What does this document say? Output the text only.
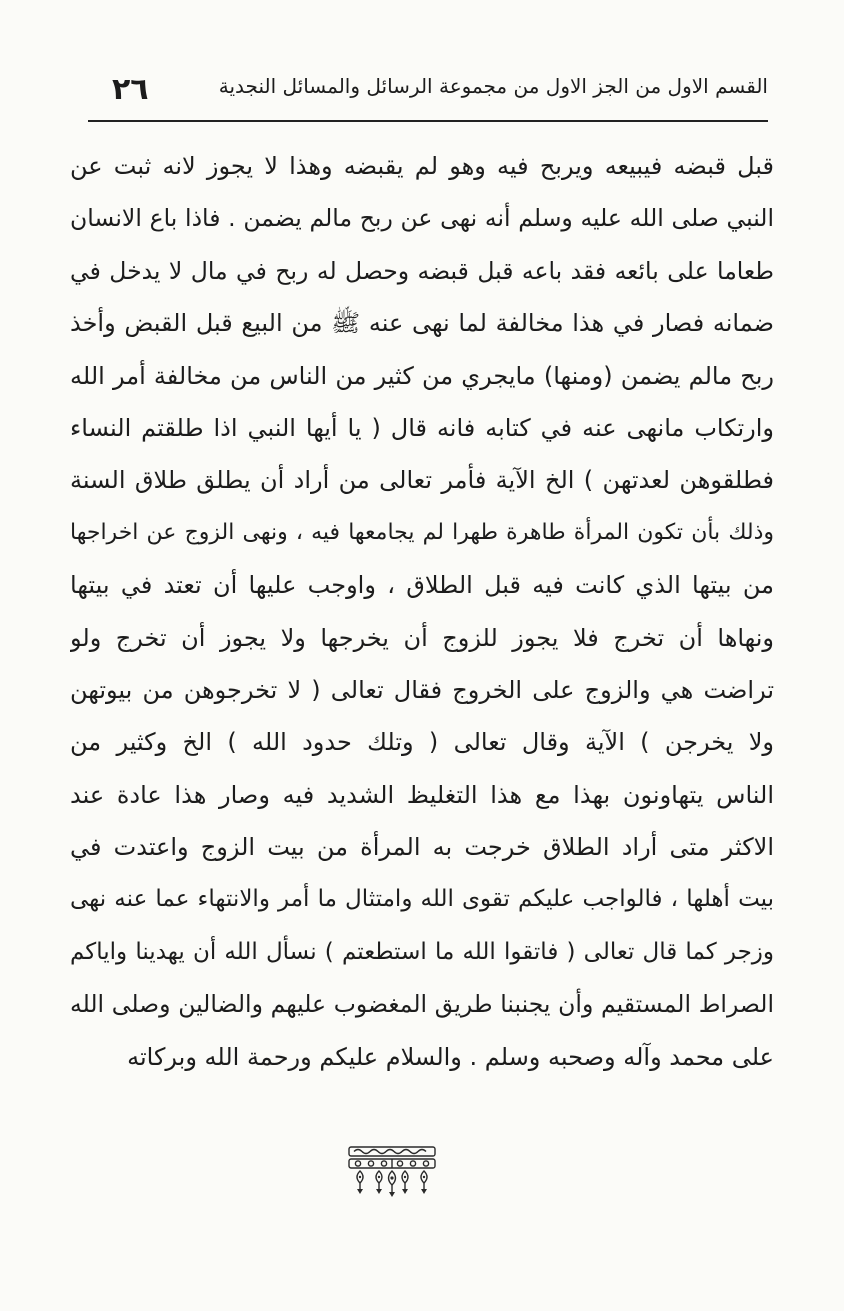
القسم الاول من الجز الاول من مجموعة الرسائل والمسائل النجدية
٢٦
قبل قبضه فيبيعه ويربح فيه وهو لم يقبضه وهذا لا يجوز لانه ثبت عن
النبي صلى الله عليه وسلم أنه نهى عن ربح مالم يضمن . فاذا باع الانسان
طعاما على بائعه فقد باعه قبل قبضه وحصل له ربح في مال لا يدخل في
ضمانه فصار في هذا مخالفة لما نهى عنه ﷺ من البيع قبل القبض وأخذ
ربح مالم يضمن (ومنها) مايجري من كثير من الناس من مخالفة أمر الله
وارتكاب مانهى عنه في كتابه فانه قال ( يا أيها النبي اذا طلقتم النساء
فطلقوهن لعدتهن ) الخ الآية فأمر تعالى من أراد أن يطلق طلاق السنة
وذلك بأن تكون المرأة طاهرة طهرا لم يجامعها فيه ، ونهى الزوج عن اخراجها
من بيتها الذي كانت فيه قبل الطلاق ، واوجب عليها أن تعتد في بيتها
ونهاها أن تخرج فلا يجوز للزوج أن يخرجها ولا يجوز أن تخرج ولو
تراضت هي والزوج على الخروج فقال تعالى ( لا تخرجوهن من بيوتهن
ولا يخرجن ) الآية وقال تعالى ( وتلك حدود الله ) الخ وكثير من
الناس يتهاونون بهذا مع هذا التغليظ الشديد فيه وصار هذا عادة عند
الاكثر متى أراد الطلاق خرجت به المرأة من بيت الزوج واعتدت في
بيت أهلها ، فالواجب عليكم تقوى الله وامتثال ما أمر والانتهاء عما عنه نهى
وزجر كما قال تعالى ( فاتقوا الله ما استطعتم ) نسأل الله أن يهدينا واياكم
الصراط المستقيم وأن يجنبنا طريق المغضوب عليهم والضالين وصلى الله
على محمد وآله وصحبه وسلم . والسلام عليكم ورحمة الله وبركاته
